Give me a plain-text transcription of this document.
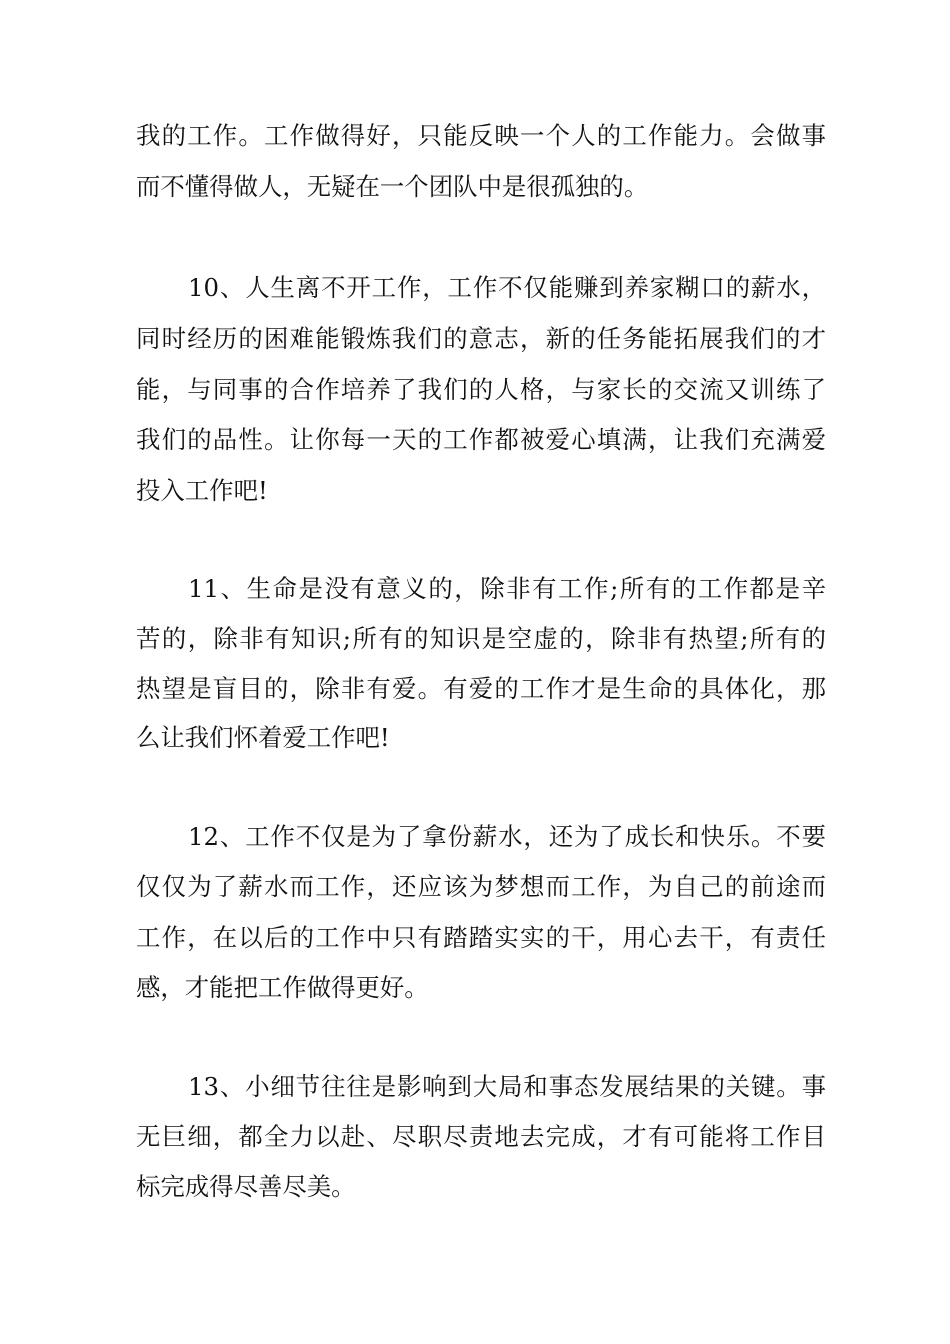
我的工作。工作做得好，只能反映一个人的工作能力。会做事
而不懂得做人，无疑在一个团队中是很孤独的。
10、人生离不开工作，工作不仅能赚到养家糊口的薪水，
同时经历的困难能锻炼我们的意志，新的任务能拓展我们的才
能，与同事的合作培养了我们的人格，与家长的交流又训练了
我们的品性。让你每一天的工作都被爱心填满，让我们充满爱
投入工作吧!
11、生命是没有意义的，除非有工作;所有的工作都是辛
苦的，除非有知识;所有的知识是空虚的，除非有热望;所有的
热望是盲目的，除非有爱。有爱的工作才是生命的具体化，那
么让我们怀着爱工作吧!
12、工作不仅是为了拿份薪水，还为了成长和快乐。不要
仅仅为了薪水而工作，还应该为梦想而工作，为自己的前途而
工作，在以后的工作中只有踏踏实实的干，用心去干，有责任
感，才能把工作做得更好。
13、小细节往往是影响到大局和事态发展结果的关键。事
无巨细，都全力以赴、尽职尽责地去完成，才有可能将工作目
标完成得尽善尽美。
